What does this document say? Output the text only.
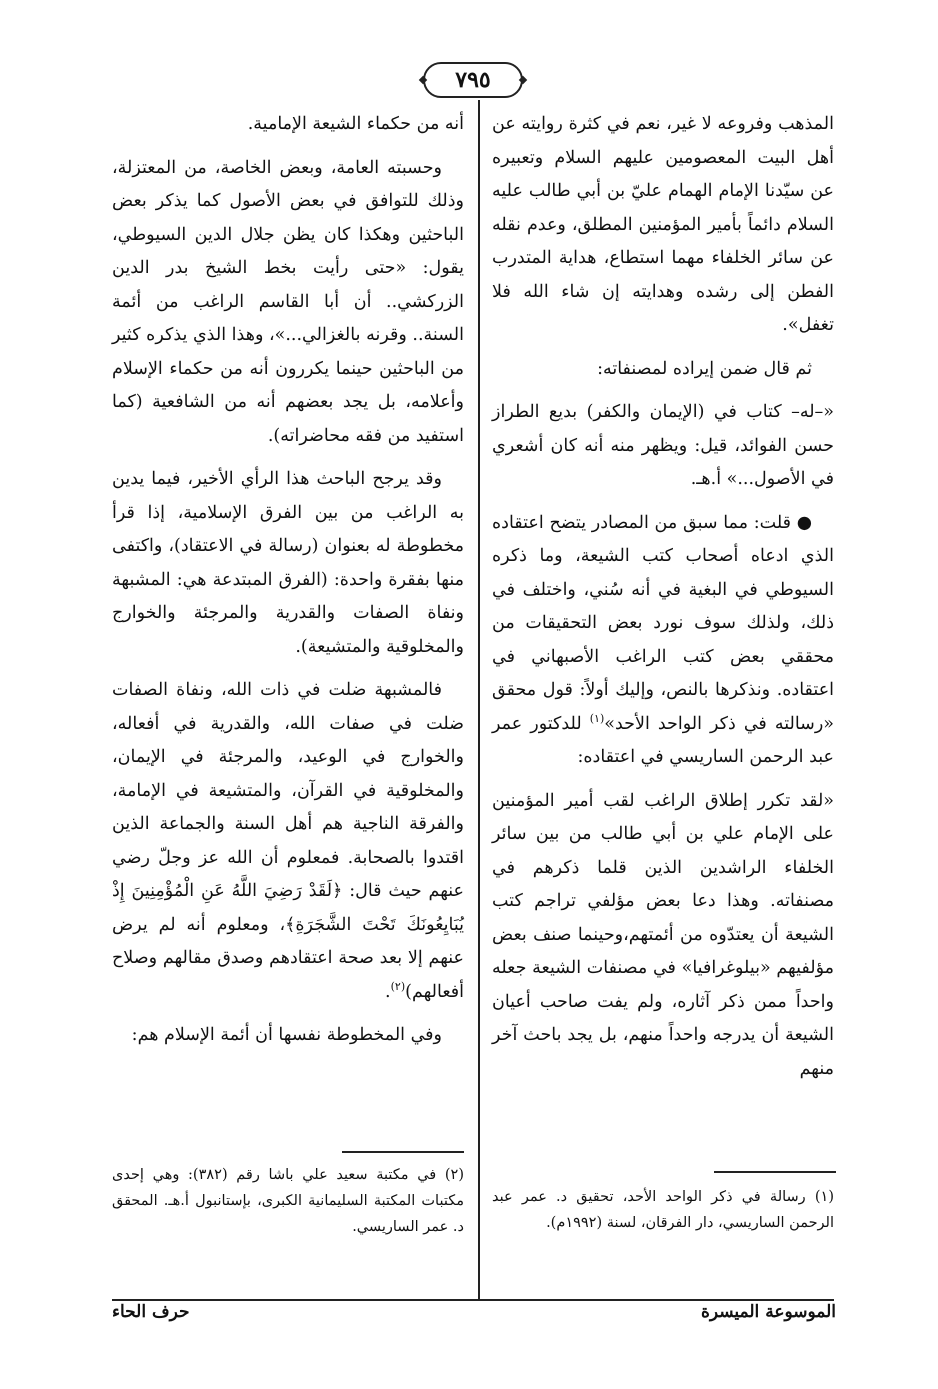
٧٩٥

المذهب وفروعه لا غير، نعم في كثرة روايته عن أهل البيت المعصومين عليهم السلام وتعبيره عن سيّدنا الإمام الهمام عليّ بن أبي طالب عليه السلام دائماً بأمير المؤمنين المطلق، وعدم نقله عن سائر الخلفاء مهما استطاع، هداية المتدرب الفطن إلى رشده وهدايته إن شاء الله فلا تغفل».

ثم قال ضمن إيراده لمصنفاته:

«–له– كتاب في (الإيمان والكفر) بديع الطراز حسن الفوائد، قيل: ويظهر منه أنه كان أشعري في الأصول...» أ.هـ.

● قلت: مما سبق من المصادر يتضح اعتقاده الذي ادعاه أصحاب كتب الشيعة، وما ذكره السيوطي في البغية في أنه سُني، واختلف في ذلك، ولذلك سوف نورد بعض التحقيقات من محققي بعض كتب الراغب الأصبهاني في اعتقاده. ونذكرها بالنص، وإليك أولاً: قول محقق «رسالته في ذكر الواحد الأحد»$^{(١)}$ للدكتور عمر عبد الرحمن الساريسي في اعتقاده:

«لقد تكرر إطلاق الراغب لقب أمير المؤمنين على الإمام علي بن أبي طالب من بين سائر الخلفاء الراشدين الذين قلما ذكرهم في مصنفاته. وهذا دعا بعض مؤلفي تراجم كتب الشيعة أن يعتدّوه من أئمتهم،وحينما صنف بعض مؤلفيهم «بيلوغرافيا» في مصنفات الشيعة جعله واحداً ممن ذكر آثاره، ولم يفت صاحب أعيان الشيعة أن يدرجه واحداً منهم، بل يجد باحث آخر منهم

أنه من حكماء الشيعة الإمامية.

وحسبته العامة، وبعض الخاصة، من المعتزلة، وذلك للتوافق في بعض الأصول كما يذكر بعض الباحثين وهكذا كان يظن جلال الدين السيوطي، يقول: «حتى رأيت بخط الشيخ بدر الدين الزركشي.. أن أبا القاسم الراغب من أئمة السنة.. وقرنه بالغزالي...»، وهذا الذي يذكره كثير من الباحثين حينما يكررون أنه من حكماء الإسلام وأعلامه، بل يجد بعضهم أنه من الشافعية (كما استفيد من فقه محاضراته).

وقد يرجح الباحث هذا الرأي الأخير، فيما يدين به الراغب من بين الفرق الإسلامية، إذا قرأ مخطوطة له بعنوان (رسالة في الاعتقاد)، واكتفى منها بفقرة واحدة: (الفرق المبتدعة هي: المشبهة ونفاة الصفات والقدرية والمرجئة والخوارج والمخلوقية والمتشيعة).

فالمشبهة ضلت في ذات الله، ونفاة الصفات ضلت في صفات الله، والقدرية في أفعاله، والخوارج في الوعيد، والمرجئة في الإيمان، والمخلوقية في القرآن، والمتشيعة في الإمامة، والفرقة الناجية هم أهل السنة والجماعة الذين اقتدوا بالصحابة. فمعلوم أن الله عز وجلّ رضي عنهم حيث قال: ﴿لَقَدْ رَضِيَ اللَّهُ عَنِ الْمُؤْمِنِينَ إِذْ يُبَايِعُونَكَ تَحْتَ الشَّجَرَةِ﴾، ومعلوم أنه لم يرض عنهم إلا بعد صحة اعتقادهم وصدق مقالهم وصلاح أفعالهم)$^{(٢)}$.

وفي المخطوطة نفسها أن أئمة الإسلام هم:

(١) رسالة في ذكر الواحد الأحد، تحقيق د. عمر عبد الرحمن الساريسي، دار الفرقان، لسنة (١٩٩٢م).
(٢) في مكتبة سعيد علي باشا رقم (٣٨٢): وهي إحدى مكتبات المكتبة السليمانية الكبرى، بإستانبول أ.هـ. المحقق د. عمر الساريسي.
الموسوعة الميسرة
حرف الحاء
